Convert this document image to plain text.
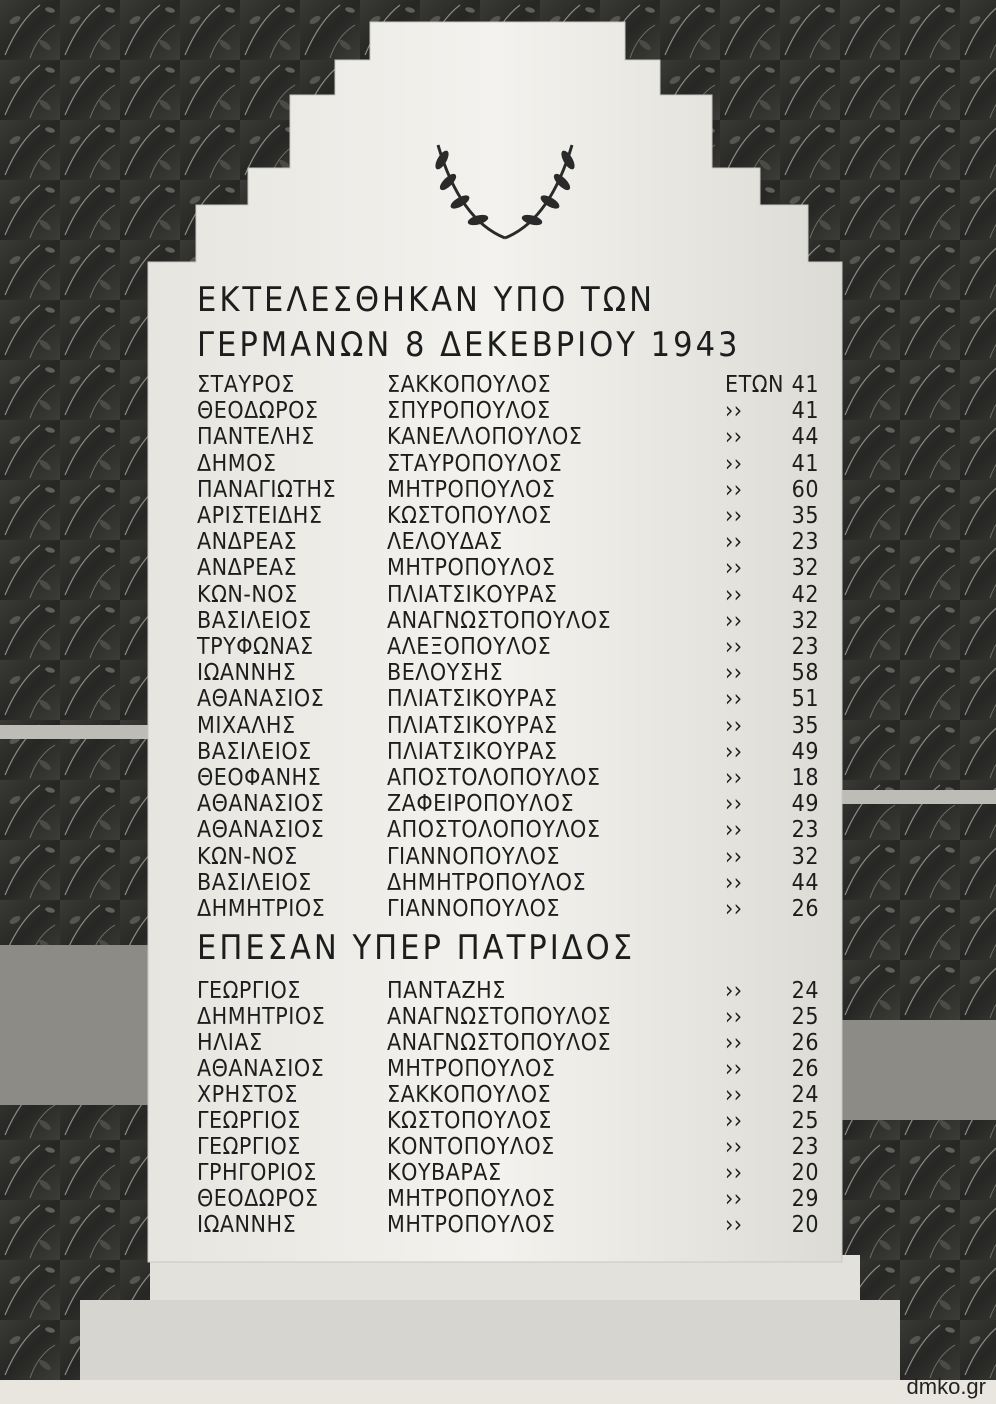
ΕΚΤΕΛΕΣΘΗΚΑΝ ΥΠΟ ΤΩΝ
ΓΕΡΜΑΝΩΝ 8 ΔΕΚΕΒΡΙΟΥ 1943
ΣΤΑΥΡΟΣ	ΣΑΚΚΟΠΟΥΛΟΣ	ΕΤΩΝ 41
ΘΕΟΔΩΡΟΣ	ΣΠΥΡΟΠΟΥΛΟΣ	›› 41
ΠΑΝΤΕΛΗΣ	ΚΑΝΕΛΛΟΠΟΥΛΟΣ	›› 44
ΔΗΜΟΣ	ΣΤΑΥΡΟΠΟΥΛΟΣ	›› 41
ΠΑΝΑΓΙΩΤΗΣ ΜΗΤΡΟΠΟΥΛΟΣ	›› 60
ΑΡΙΣΤΕΙΔΗΣ	ΚΩΣΤΟΠΟΥΛΟΣ	›› 35
ΑΝΔΡΕΑΣ	ΛΕΛΟΥΔΑΣ	›› 23
ΑΝΔΡΕΑΣ	ΜΗΤΡΟΠΟΥΛΟΣ	›› 32
ΚΩΝ-ΝΟΣ	ΠΛΙΑΤΣΙΚΟΥΡΑΣ	›› 42
ΒΑΣΙΛΕΙΟΣ	ΑΝΑΓΝΩΣΤΟΠΟΥΛΟΣ	›› 32
ΤΡΥΦΩΝΑΣ	ΑΛΕΞΟΠΟΥΛΟΣ	›› 23
ΙΩΑΝΝΗΣ	ΒΕΛΟΥΣΗΣ	›› 58
ΑΘΑΝΑΣΙΟΣ	ΠΛΙΑΤΣΙΚΟΥΡΑΣ	›› 51
ΜΙΧΑΛΗΣ	ΠΛΙΑΤΣΙΚΟΥΡΑΣ	›› 35
ΒΑΣΙΛΕΙΟΣ	ΠΛΙΑΤΣΙΚΟΥΡΑΣ	›› 49
ΘΕΟΦΑΝΗΣ	ΑΠΟΣΤΟΛΟΠΟΥΛΟΣ	›› 18
ΑΘΑΝΑΣΙΟΣ	ΖΑΦΕΙΡΟΠΟΥΛΟΣ	›› 49
ΑΘΑΝΑΣΙΟΣ	ΑΠΟΣΤΟΛΟΠΟΥΛΟΣ	›› 23
ΚΩΝ-ΝΟΣ	ΓΙΑΝΝΟΠΟΥΛΟΣ	›› 32
ΒΑΣΙΛΕΙΟΣ	ΔΗΜΗΤΡΟΠΟΥΛΟΣ	›› 44
ΔΗΜΗΤΡΙΟΣ	ΓΙΑΝΝΟΠΟΥΛΟΣ	›› 26
ΕΠΕΣΑΝ ΥΠΕΡ ΠΑΤΡΙΔΟΣ
ΓΕΩΡΓΙΟΣ	ΠΑΝΤΑΖΗΣ	›› 24
ΔΗΜΗΤΡΙΟΣ	ΑΝΑΓΝΩΣΤΟΠΟΥΛΟΣ	›› 25
ΗΛΙΑΣ	ΑΝΑΓΝΩΣΤΟΠΟΥΛΟΣ	›› 26
ΑΘΑΝΑΣΙΟΣ	ΜΗΤΡΟΠΟΥΛΟΣ	›› 26
ΧΡΗΣΤΟΣ	ΣΑΚΚΟΠΟΥΛΟΣ	›› 24
ΓΕΩΡΓΙΟΣ	ΚΩΣΤΟΠΟΥΛΟΣ	›› 25
ΓΕΩΡΓΙΟΣ	ΚΟΝΤΟΠΟΥΛΟΣ	›› 23
ΓΡΗΓΟΡΙΟΣ	ΚΟΥΒΑΡΑΣ	›› 20
ΘΕΟΔΩΡΟΣ	ΜΗΤΡΟΠΟΥΛΟΣ	›› 29
ΙΩΑΝΝΗΣ	ΜΗΤΡΟΠΟΥΛΟΣ	›› 20
dmko.gr
